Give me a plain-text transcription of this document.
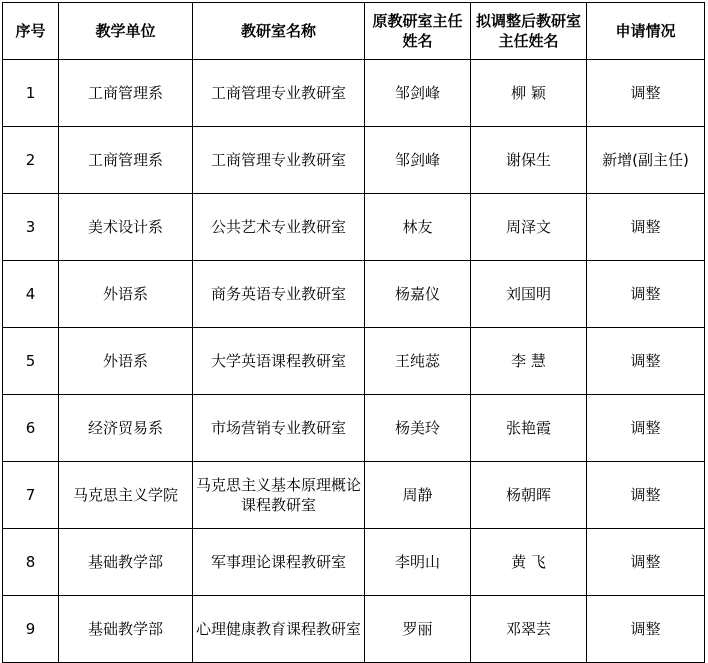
序号	教学单位	教研室名称	原教研室主任姓名	拟调整后教研室主任姓名	申请情况
1	工商管理系	工商管理专业教研室	邹剑峰	柳 颖	调整
2	工商管理系	工商管理专业教研室	邹剑峰	谢保生	新增(副主任)
3	美术设计系	公共艺术专业教研室	林友	周泽文	调整
4	外语系	商务英语专业教研室	杨嘉仪	刘国明	调整
5	外语系	大学英语课程教研室	王纯蕊	李 慧	调整
6	经济贸易系	市场营销专业教研室	杨美玲	张艳霞	调整
7	马克思主义学院	马克思主义基本原理概论课程教研室	周静	杨朝晖	调整
8	基础教学部	军事理论课程教研室	李明山	黄 飞	调整
9	基础教学部	心理健康教育课程教研室	罗丽	邓翠芸	调整
